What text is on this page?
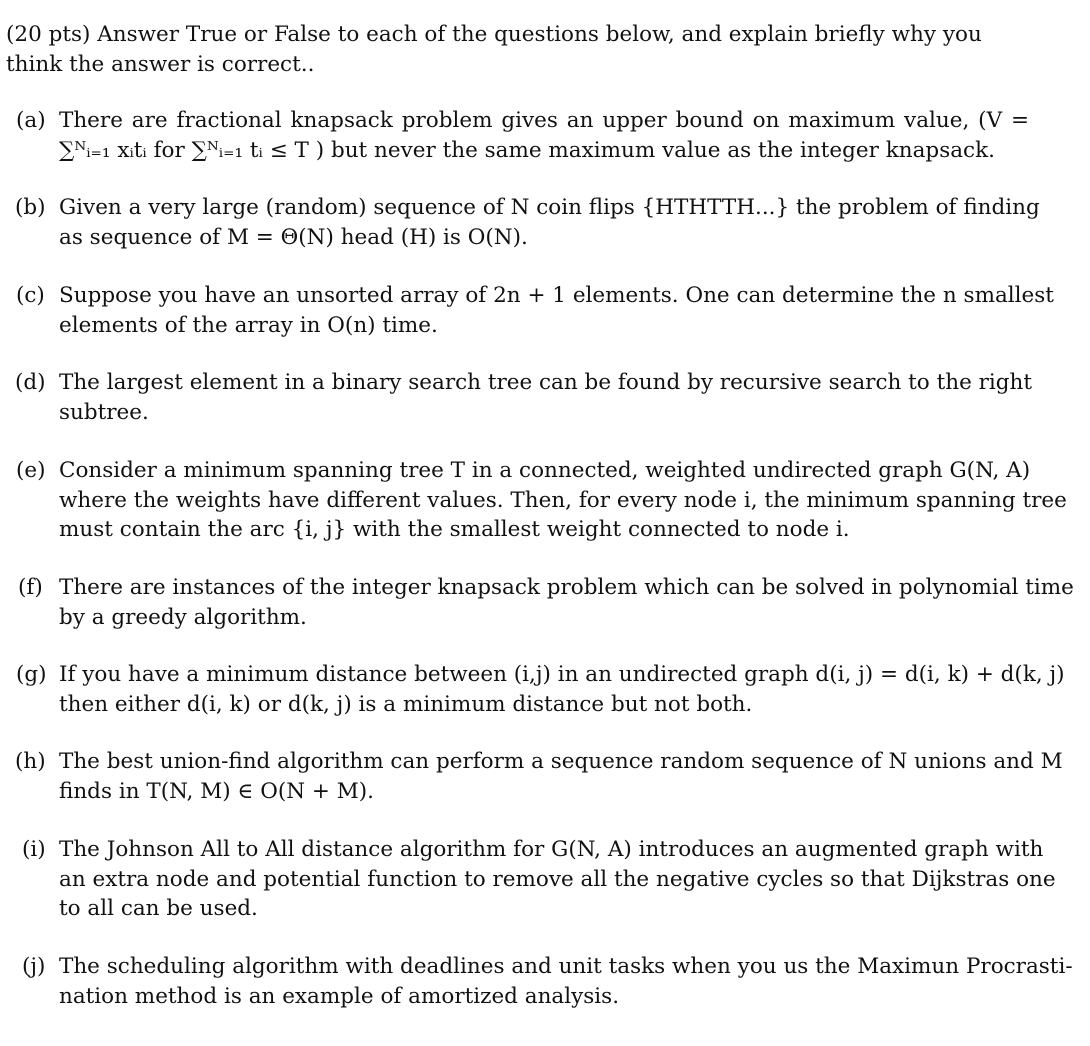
(20 pts) Answer True or False to each of the questions below, and explain briefly why you think the answer is correct..

(a) There are fractional knapsack problem gives an upper bound on maximum value, (V =
∑ᴺᵢ₌₁ xᵢtᵢ for ∑ᴺᵢ₌₁ tᵢ ≤ T ) but never the same maximum value as the integer knapsack.
(b) Given a very large (random) sequence of N coin flips {HTHTTH...} the problem of finding
as sequence of M = Θ(N) head (H) is O(N).
(c) Suppose you have an unsorted array of 2n + 1 elements. One can determine the n smallest
elements of the array in O(n) time.
(d) The largest element in a binary search tree can be found by recursive search to the right
subtree.
(e) Consider a minimum spanning tree T in a connected, weighted undirected graph G(N, A)
where the weights have different values. Then, for every node i, the minimum spanning tree
must contain the arc {i, j} with the smallest weight connected to node i.
(f) There are instances of the integer knapsack problem which can be solved in polynomial time
by a greedy algorithm.
(g) If you have a minimum distance between (i,j) in an undirected graph d(i, j) = d(i, k) + d(k, j)
then either d(i, k) or d(k, j) is a minimum distance but not both.
(h) The best union-find algorithm can perform a sequence random sequence of N unions and M
finds in T(N, M) ∈ O(N + M).
(i) The Johnson All to All distance algorithm for G(N, A) introduces an augmented graph with
an extra node and potential function to remove all the negative cycles so that Dijkstras one
to all can be used.
(j) The scheduling algorithm with deadlines and unit tasks when you us the Maximun Procrasti-
nation method is an example of amortized analysis.
